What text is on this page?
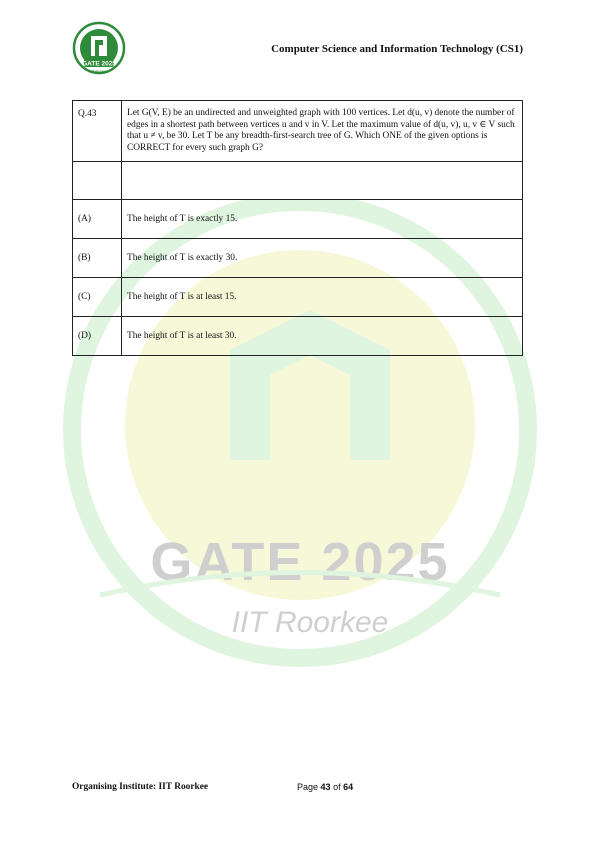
GATE 2025
IIT Roorkee
Computer Science and Information Technology (CS1)
GATE 2025
IIT Roorkee
Q.43	Let G(V, E) be an undirected and unweighted graph with 100 vertices. Let d(u, v) denote the number of edges in a shortest path between vertices u and v in V. Let the maximum value of d(u, v), u, v ∈ V such that u ≠ v, be 30. Let T be any breadth-first-search tree of G. Which ONE of the given options is CORRECT for every such graph G?

(A)	The height of T is exactly 15.
(B)	The height of T is exactly 30.
(C)	The height of T is at least 15.
(D)	The height of T is at least 30.
Organising Institute: IIT Roorkee	Page 43 of 64
